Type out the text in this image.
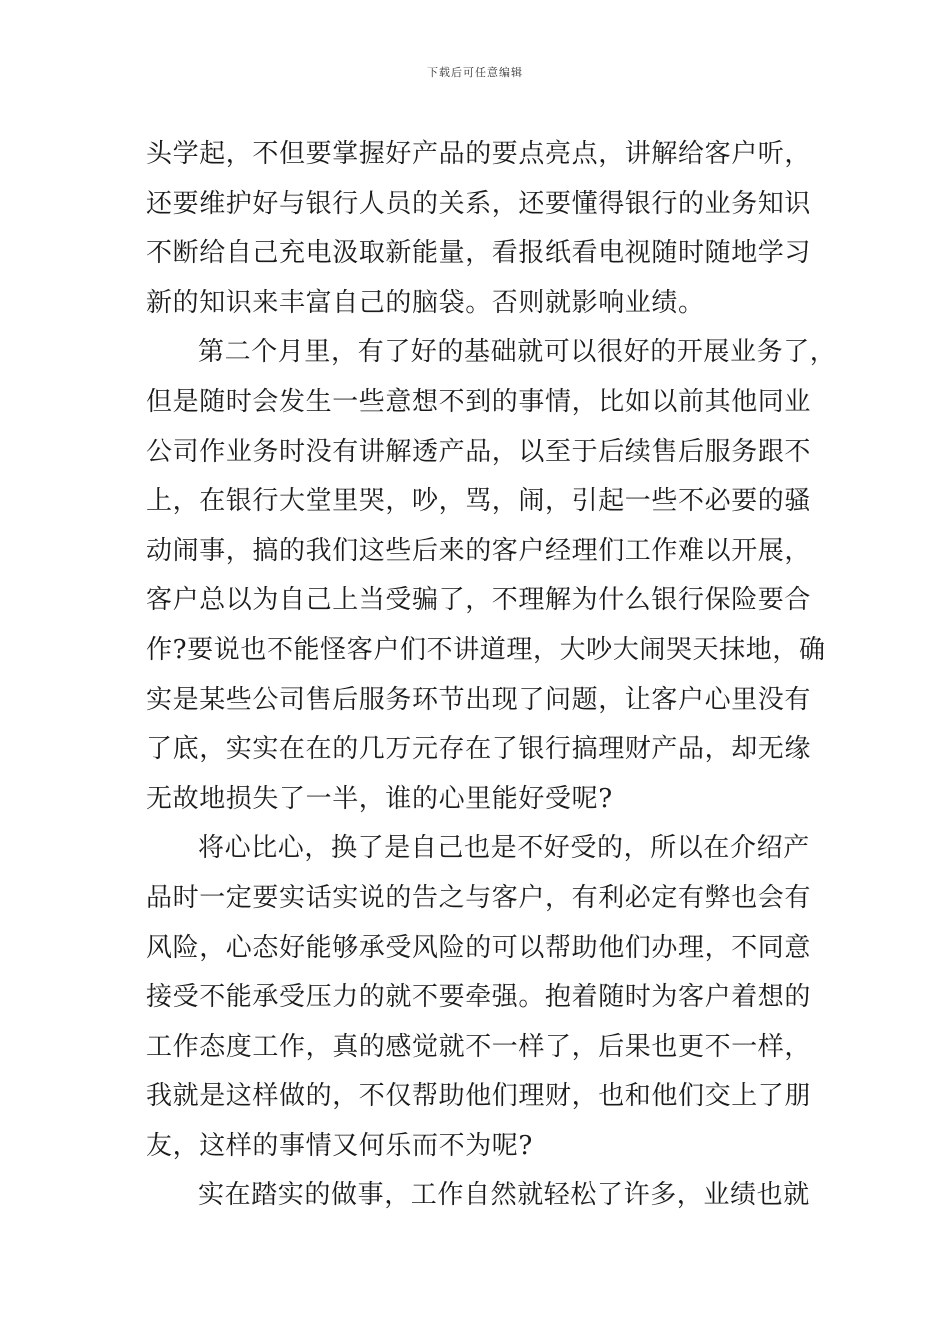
下载后可任意编辑
头学起，不但要掌握好产品的要点亮点，讲解给客户听，
还要维护好与银行人员的关系，还要懂得银行的业务知识
不断给自己充电汲取新能量，看报纸看电视随时随地学习
新的知识来丰富自己的脑袋。否则就影响业绩。
第二个月里，有了好的基础就可以很好的开展业务了，
但是随时会发生一些意想不到的事情，比如以前其他同业
公司作业务时没有讲解透产品，以至于后续售后服务跟不
上，在银行大堂里哭，吵，骂，闹，引起一些不必要的骚
动闹事，搞的我们这些后来的客户经理们工作难以开展，
客户总以为自己上当受骗了，不理解为什么银行保险要合
作?要说也不能怪客户们不讲道理，大吵大闹哭天抹地，确
实是某些公司售后服务环节出现了问题，让客户心里没有
了底，实实在在的几万元存在了银行搞理财产品，却无缘
无故地损失了一半，谁的心里能好受呢?
将心比心，换了是自己也是不好受的，所以在介绍产
品时一定要实话实说的告之与客户，有利必定有弊也会有
风险，心态好能够承受风险的可以帮助他们办理，不同意
接受不能承受压力的就不要牵强。抱着随时为客户着想的
工作态度工作，真的感觉就不一样了，后果也更不一样，
我就是这样做的，不仅帮助他们理财，也和他们交上了朋
友，这样的事情又何乐而不为呢?
实在踏实的做事，工作自然就轻松了许多，业绩也就
